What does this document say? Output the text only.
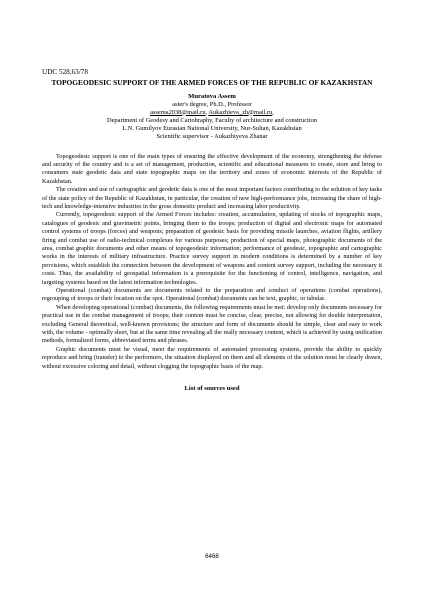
UDC 528.63/78

TOPOGEODESIC SUPPORT OF THE ARMED FORCES OF THE REPUBLIC OF KAZAKHSTAN
Muratova Assem

aster's degree, Ph.D., Professor

assema2038@mail.ru, Aukazhieva_zh@mail.ru,

Department of Geodesy and Cartohraphy, Faculty of architecture and construction

L.N. Gumilyov Eurasian National University, Nur-Sultan, Kazakhstan

Scientific supervisor - Aukazhiyeva Zhanar

Topogeodesic support is one of the main types of ensuring the effective development of the economy, strengthening the defense and security of the country and is a set of management, production, scientific and educational measures to create, store and bring to consumers state geodetic data and state topographic maps on the territory and zones of economic interests of the Republic of Kazakhstan.

The creation and use of cartographic and geodetic data is one of the most important factors contributing to the solution of key tasks of the state policy of the Republic of Kazakhstan, in particular, the creation of new high-performance jobs, increasing the share of high-tech and knowledge-intensive industries in the gross domestic product and increasing labor productivity.

Currently, topogeodesic support of the Armed Forces includes: creation, accumulation, updating of stocks of topographic maps, catalogues of geodesic and gravimetric points, bringing them to the troops; production of digital and electronic maps for automated control systems of troops (forces) and weapons; preparation of geodesic basis for providing missile launches, aviation flights, artillery firing and combat use of radio-technical complexes for various purposes; production of special maps, photographic documents of the area, combat graphic documents and other means of topogeodesic information; performance of geodesic, topographic and cartographic works in the interests of military infrastructure. Practice survey support in modern conditions is determined by a number of key provisions, which establish the connection between the development of weapons and content survey support, including the necessary it costs. Thus, the availability of geospatial information is a prerequisite for the functioning of control, intelligence, navigation, and targeting systems based on the latest information technologies.

Operational (combat) documents are documents related to the preparation and conduct of operations (combat operations), regrouping of troops or their location on the spot. Operational (combat) documents can be text, graphic, or tabular.

When developing operational (combat) documents, the following requirements must be met: develop only documents necessary for practical use in the combat management of troops; their content must be concise, clear, precise, not allowing for double interpretation, excluding General theoretical, well-known provisions; the structure and form of documents should be simple, clear and easy to work with, the volume - optimally short, but at the same time revealing all the really necessary content, which is achieved by using unification methods, formalized forms, abbreviated terms and phrases.

Graphic documents must be visual, meet the requirements of automated processing systems, provide the ability to quickly reproduce and bring (transfer) to the performers, the situation displayed on them and all elements of the solution must be clearly drawn, without excessive coloring and detail, without clogging the topographic basis of the map.

List of sources used
6468
